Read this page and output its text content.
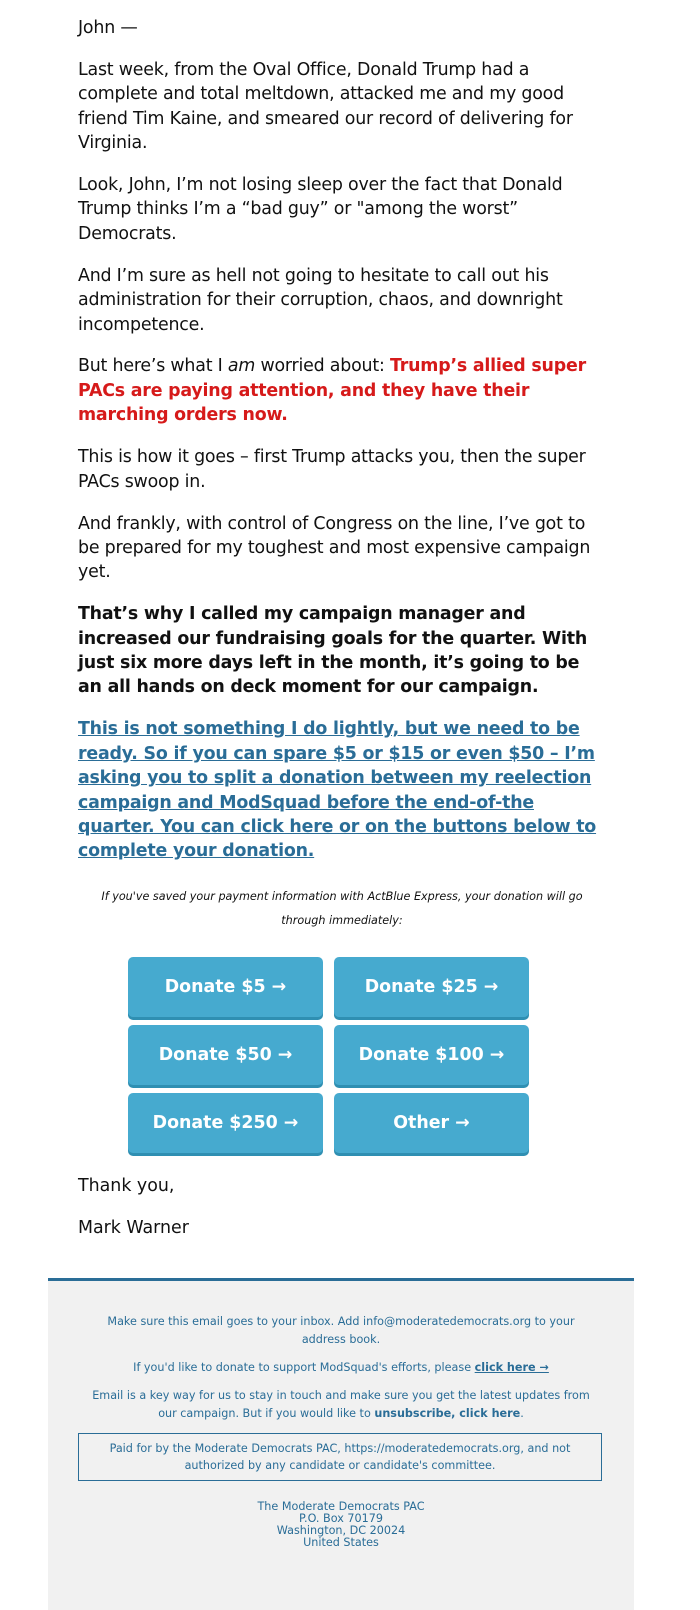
John —

Last week, from the Oval Office, Donald Trump had a complete and total meltdown, attacked me and my good friend Tim Kaine, and smeared our record of delivering for Virginia.

Look, John, I’m not losing sleep over the fact that Donald Trump thinks I’m a “bad guy” or "among the worst” Democrats.

And I’m sure as hell not going to hesitate to call out his administration for their corruption, chaos, and downright incompetence.

But here’s what I am worried about: Trump’s allied super PACs are paying attention, and they have their marching orders now.

This is how it goes – first Trump attacks you, then the super PACs swoop in.

And frankly, with control of Congress on the line, I’ve got to be prepared for my toughest and most expensive campaign yet.

That’s why I called my campaign manager and increased our fundraising goals for the quarter. With just six more days left in the month, it’s going to be an all hands on deck moment for our campaign.

This is not something I do lightly, but we need to be ready. So if you can spare $5 or $15 or even $50 – I’m asking you to split a donation between my reelection campaign and ModSquad before the end-of-the quarter. You can click here or on the buttons below to complete your donation.

If you've saved your payment information with ActBlue Express, your donation will go through immediately:
Donate $5 →	Donate $25 →
Donate $50 →	Donate $100 →
Donate $250 →	Other →
Thank you,
Mark Warner
Make sure this email goes to your inbox. Add info@moderatedemocrats.org to your address book.
If you'd like to donate to support ModSquad's efforts, please click here →
Email is a key way for us to stay in touch and make sure you get the latest updates from our campaign. But if you would like to unsubscribe, click here.
Paid for by the Moderate Democrats PAC, https://moderatedemocrats.org, and not authorized by any candidate or candidate's committee.
The Moderate Democrats PAC
P.O. Box 70179
Washington, DC 20024
United States
